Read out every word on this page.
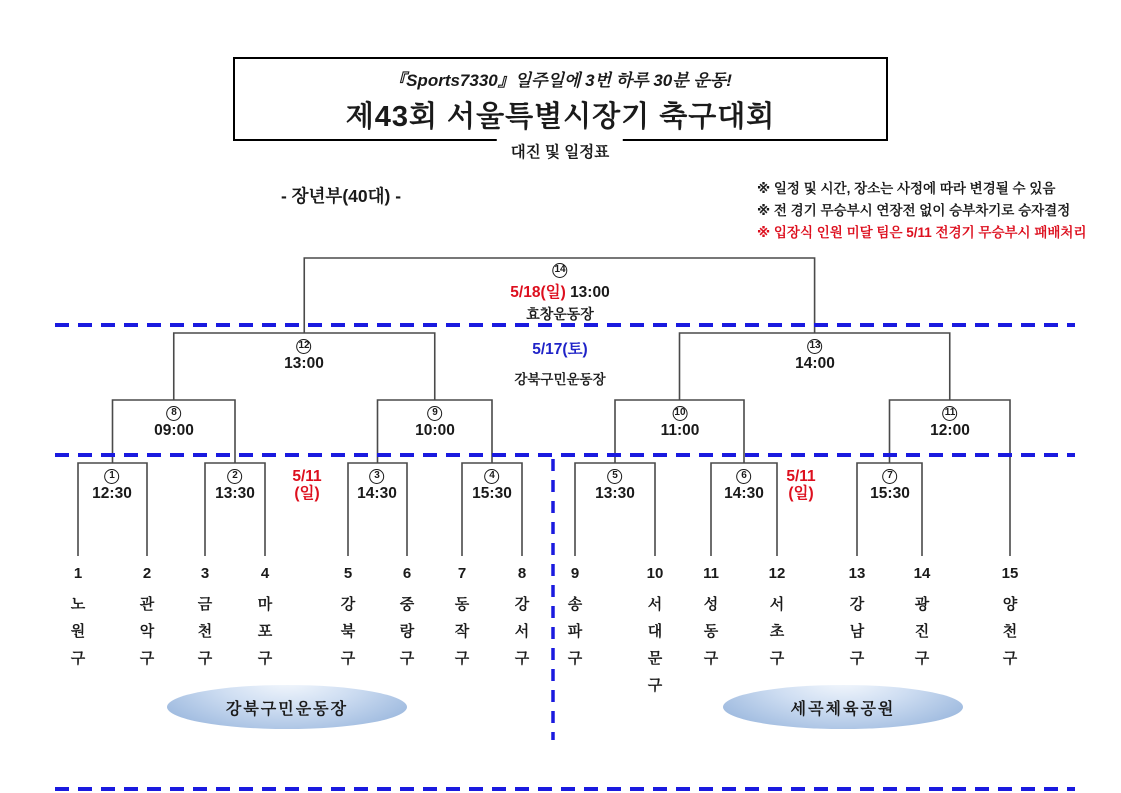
『Sports7330』일주일에 3번 하루 30분 운동!
제43회 서울특별시장기 축구대회
대진 및 일정표
- 장년부(40대) -	※ 일정 및 시간, 장소는 사정에 따라 변경될 수 있음
※ 전 경기 무승부시 연장전 없이 승부차기로 승자결정
※ 입장식 인원 미달 팀은 5/11 전경기 무승부시 패배처리
14
5/18(일) 13:00
효창운동장
12
13:00
13
14:00
5/17(토)
강북구민운동장
8
09:00
9
10:00
10
11:00
11
12:00
1
12:30
2
13:30
3
14:30
4
15:30
5
13:30
6
14:30
7
15:30
5/11
(일)
5/11
(일)
1
노원구
2
관악구
3
금천구
4
마포구
5
강북구
6
중랑구
7
동작구
8
강서구
9
송파구
10
서대문구
11
성동구
12
서초구
13
강남구
14
광진구
15
양천구
강북구민운동장	세곡체육공원
